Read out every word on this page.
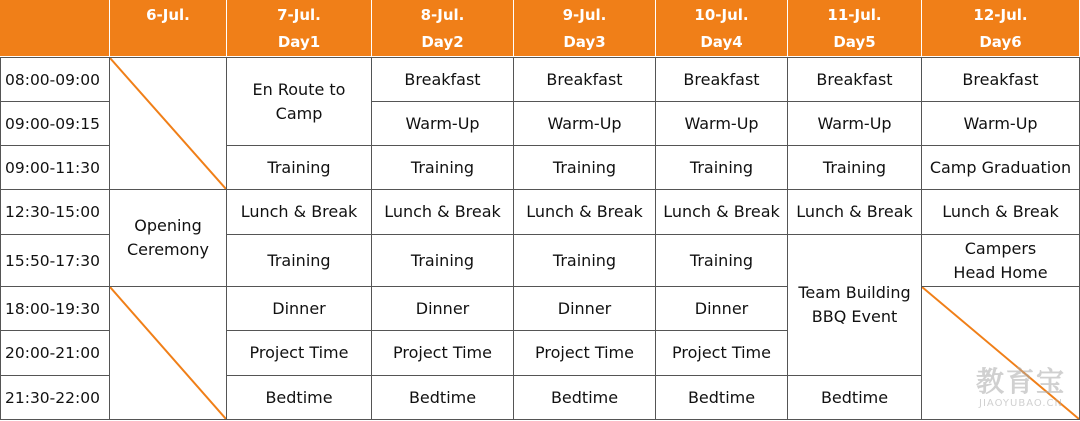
6-Jul.	7-Jul.
Day1
8-Jul.
Day2
9-Jul.
Day3
10-Jul.
Day4
11-Jul.
Day5
12-Jul.
Day6
08:00-09:00
09:00-09:15
09:00-11:30
12:30-15:00
15:50-17:30
18:00-19:30
20:00-21:00
21:30-22:00
Opening Ceremony
En Route to Camp
Training
Lunch & Break
Training
Dinner
Project Time
Bedtime
Breakfast
Warm-Up
Training
Lunch & Break
Training
Dinner
Project Time
Bedtime
Breakfast
Warm-Up
Training
Lunch & Break
Training
Dinner
Project Time
Bedtime
Breakfast
Warm-Up
Training
Lunch & Break
Training
Dinner
Project Time
Bedtime
Breakfast
Warm-Up
Training
Lunch & Break
Team Building BBQ Event
Bedtime
Breakfast
Warm-Up
Camp Graduation
Lunch & Break
Campers Head Home
教育宝
JIAOYUBAO.CN
